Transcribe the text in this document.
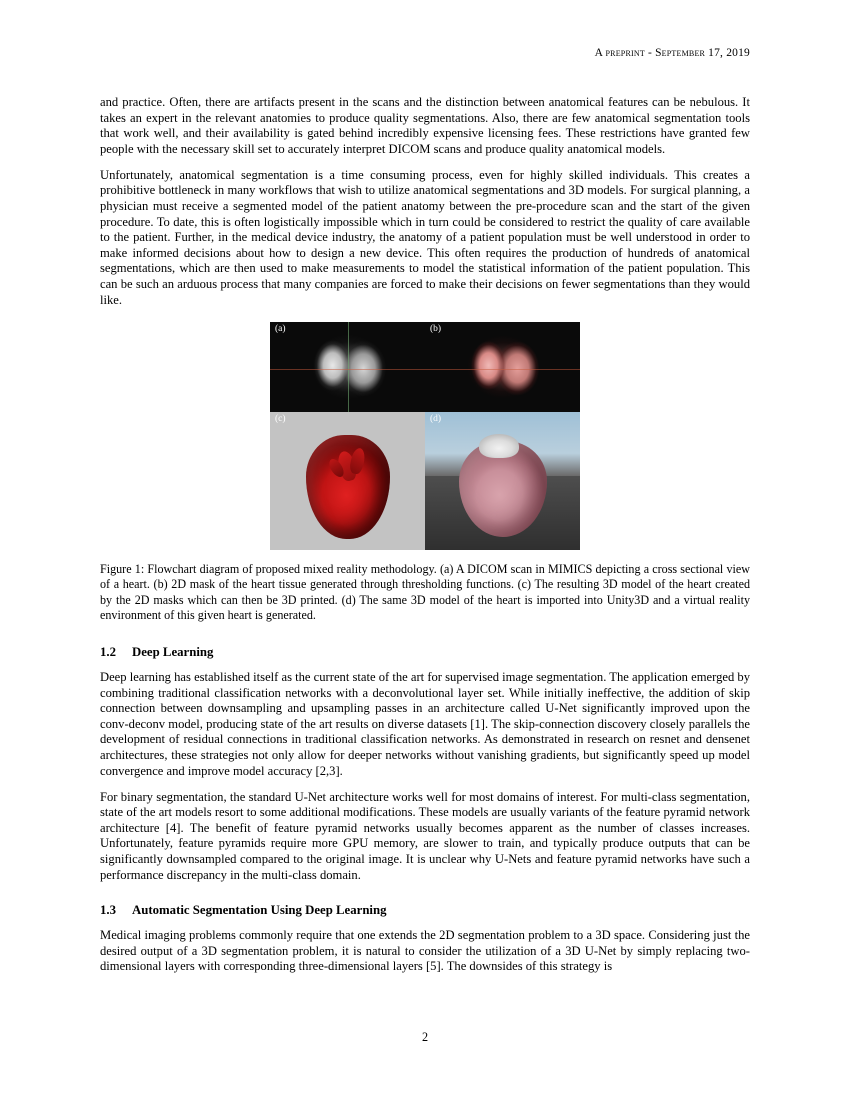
A preprint - September 17, 2019

and practice. Often, there are artifacts present in the scans and the distinction between anatomical features can be nebulous. It takes an expert in the relevant anatomies to produce quality segmentations. Also, there are few anatomical segmentation tools that work well, and their availability is gated behind incredibly expensive licensing fees. These restrictions have granted few people with the necessary skill set to accurately interpret DICOM scans and produce quality anatomical models.

Unfortunately, anatomical segmentation is a time consuming process, even for highly skilled individuals. This creates a prohibitive bottleneck in many workflows that wish to utilize anatomical segmentations and 3D models. For surgical planning, a physician must receive a segmented model of the patient anatomy between the pre-procedure scan and the start of the given procedure. To date, this is often logistically impossible which in turn could be considered to restrict the quality of care available to the patient. Further, in the medical device industry, the anatomy of a patient population must be well understood in order to make informed decisions about how to design a new device. This often requires the production of hundreds of anatomical segmentations, which are then used to make measurements to model the statistical information of the patient population. This can be such an arduous process that many companies are forced to make their decisions on fewer segmentations than they would like.

(a)	(b)
(c)	(d)

Figure 1: Flowchart diagram of proposed mixed reality methodology. (a) A DICOM scan in MIMICS depicting a cross sectional view of a heart. (b) 2D mask of the heart tissue generated through thresholding functions. (c) The resulting 3D model of the heart created by the 2D masks which can then be 3D printed. (d) The same 3D model of the heart is imported into Unity3D and a virtual reality environment of this given heart is generated.

1.2 Deep Learning

Deep learning has established itself as the current state of the art for supervised image segmentation. The application emerged by combining traditional classification networks with a deconvolutional layer set. While initially ineffective, the addition of skip connection between downsampling and upsampling passes in an architecture called U-Net significantly improved upon the conv-deconv model, producing state of the art results on diverse datasets [1]. The skip-connection discovery closely parallels the development of residual connections in traditional classification networks. As demonstrated in research on resnet and densenet architectures, these strategies not only allow for deeper networks without vanishing gradients, but significantly speed up model convergence and improve model accuracy [2,3].

For binary segmentation, the standard U-Net architecture works well for most domains of interest. For multi-class segmentation, state of the art models resort to some additional modifications. These models are usually variants of the feature pyramid network architecture [4]. The benefit of feature pyramid networks usually becomes apparent as the number of classes increases. Unfortunately, feature pyramids require more GPU memory, are slower to train, and typically produce outputs that can be significantly downsampled compared to the original image. It is unclear why U-Nets and feature pyramid networks have such a performance discrepancy in the multi-class domain.

1.3 Automatic Segmentation Using Deep Learning

Medical imaging problems commonly require that one extends the 2D segmentation problem to a 3D space. Considering just the desired output of a 3D segmentation problem, it is natural to consider the utilization of a 3D U-Net by simply replacing two-dimensional layers with corresponding three-dimensional layers [5]. The downsides of this strategy is

2
